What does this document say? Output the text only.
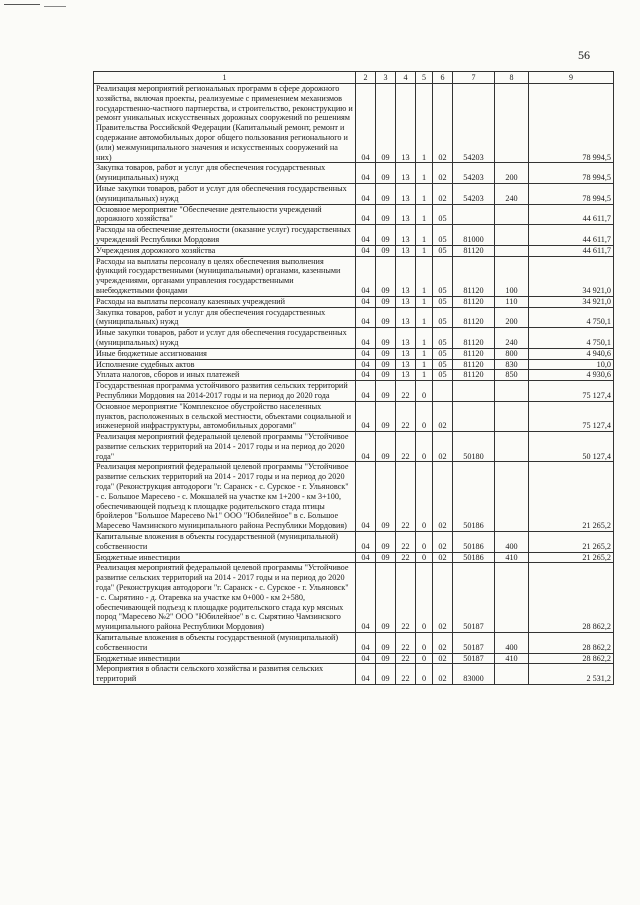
56
1	2	3	4	5	6	7	8	9
Реализация мероприятий региональных программ в сфере дорожного хозяйства, включая проекты, реализуемые с применением механизмов государственно-частного партнерства, и строительство, реконструкцию и ремонт уникальных искусственных дорожных сооружений по решениям Правительства Российской Федерации (Капитальный ремонт, ремонт и содержание автомобильных дорог общего пользования регионального и (или) межмуниципального значения и искусственных сооружений на них)	04	09	13	1	02	54203		78 994,5
Закупка товаров, работ и услуг для обеспечения государственных (муниципальных) нужд	04	09	13	1	02	54203	200	78 994,5
Иные закупки товаров, работ и услуг для обеспечения государственных (муниципальных) нужд	04	09	13	1	02	54203	240	78 994,5
Основное мероприятие "Обеспечение деятельности учреждений дорожного хозяйства"	04	09	13	1	05			44 611,7
Расходы на обеспечение деятельности (оказание услуг) государственных учреждений Республики Мордовия	04	09	13	1	05	81000		44 611,7
Учреждения дорожного хозяйства	04	09	13	1	05	81120		44 611,7
Расходы на выплаты персоналу в целях обеспечения выполнения функций государственными (муниципальными) органами, казенными учреждениями, органами управления государственными внебюджетными фондами	04	09	13	1	05	81120	100	34 921,0
Расходы на выплаты персоналу казенных учреждений	04	09	13	1	05	81120	110	34 921,0
Закупка товаров, работ и услуг для обеспечения государственных (муниципальных) нужд	04	09	13	1	05	81120	200	4 750,1
Иные закупки товаров, работ и услуг для обеспечения государственных (муниципальных) нужд	04	09	13	1	05	81120	240	4 750,1
Иные бюджетные ассигнования	04	09	13	1	05	81120	800	4 940,6
Исполнение судебных актов	04	09	13	1	05	81120	830	10,0
Уплата налогов, сборов и иных платежей	04	09	13	1	05	81120	850	4 930,6
Государственная программа устойчивого развития сельских территорий Республики Мордовия на 2014-2017 годы и на период до 2020 года	04	09	22	0				75 127,4
Основное мероприятие "Комплексное обустройство населенных пунктов, расположенных в сельской местности, объектами социальной и инженерной инфраструктуры, автомобильных дорогами"	04	09	22	0	02			75 127,4
Реализация мероприятий федеральной целевой программы "Устойчивое развитие сельских территорий на 2014 - 2017 годы и на период до 2020 года"	04	09	22	0	02	50180		50 127,4
Реализация мероприятий федеральной целевой программы "Устойчивое развитие сельских территорий на 2014 - 2017 годы и на период до 2020 года" (Реконструкция автодороги "г. Саранск - с. Сурское - г. Ульяновск" - с. Большое Маресево - с. Мокшалей на участке км 1+200 - км 3+100, обеспечивающей подъезд к площадке родительского стада птицы бройлеров "Большое Маресево №1" ООО "Юбилейное" в с. Большое Маресево Чамзинского муниципального района Республики Мордовия)	04	09	22	0	02	50186		21 265,2
Капитальные вложения в объекты государственной (муниципальной) собственности	04	09	22	0	02	50186	400	21 265,2
Бюджетные инвестиции	04	09	22	0	02	50186	410	21 265,2
Реализация мероприятий федеральной целевой программы "Устойчивое развитие сельских территорий на 2014 - 2017 годы и на период до 2020 года" (Реконструкция автодороги "г. Саранск - с. Сурское - г. Ульяновск" - с. Сырятино - д. Отаревка на участке км 0+000 - км 2+580, обеспечивающей подъезд к площадке родительского стада кур мясных пород "Маресево №2" ООО "Юбилейное" в с. Сырятино Чамзинского муниципального района Республики Мордовия)	04	09	22	0	02	50187		28 862,2
Капитальные вложения в объекты государственной (муниципальной) собственности	04	09	22	0	02	50187	400	28 862,2
Бюджетные инвестиции	04	09	22	0	02	50187	410	28 862,2
Мероприятия в области сельского хозяйства и развития сельских территорий	04	09	22	0	02	83000		2 531,2
